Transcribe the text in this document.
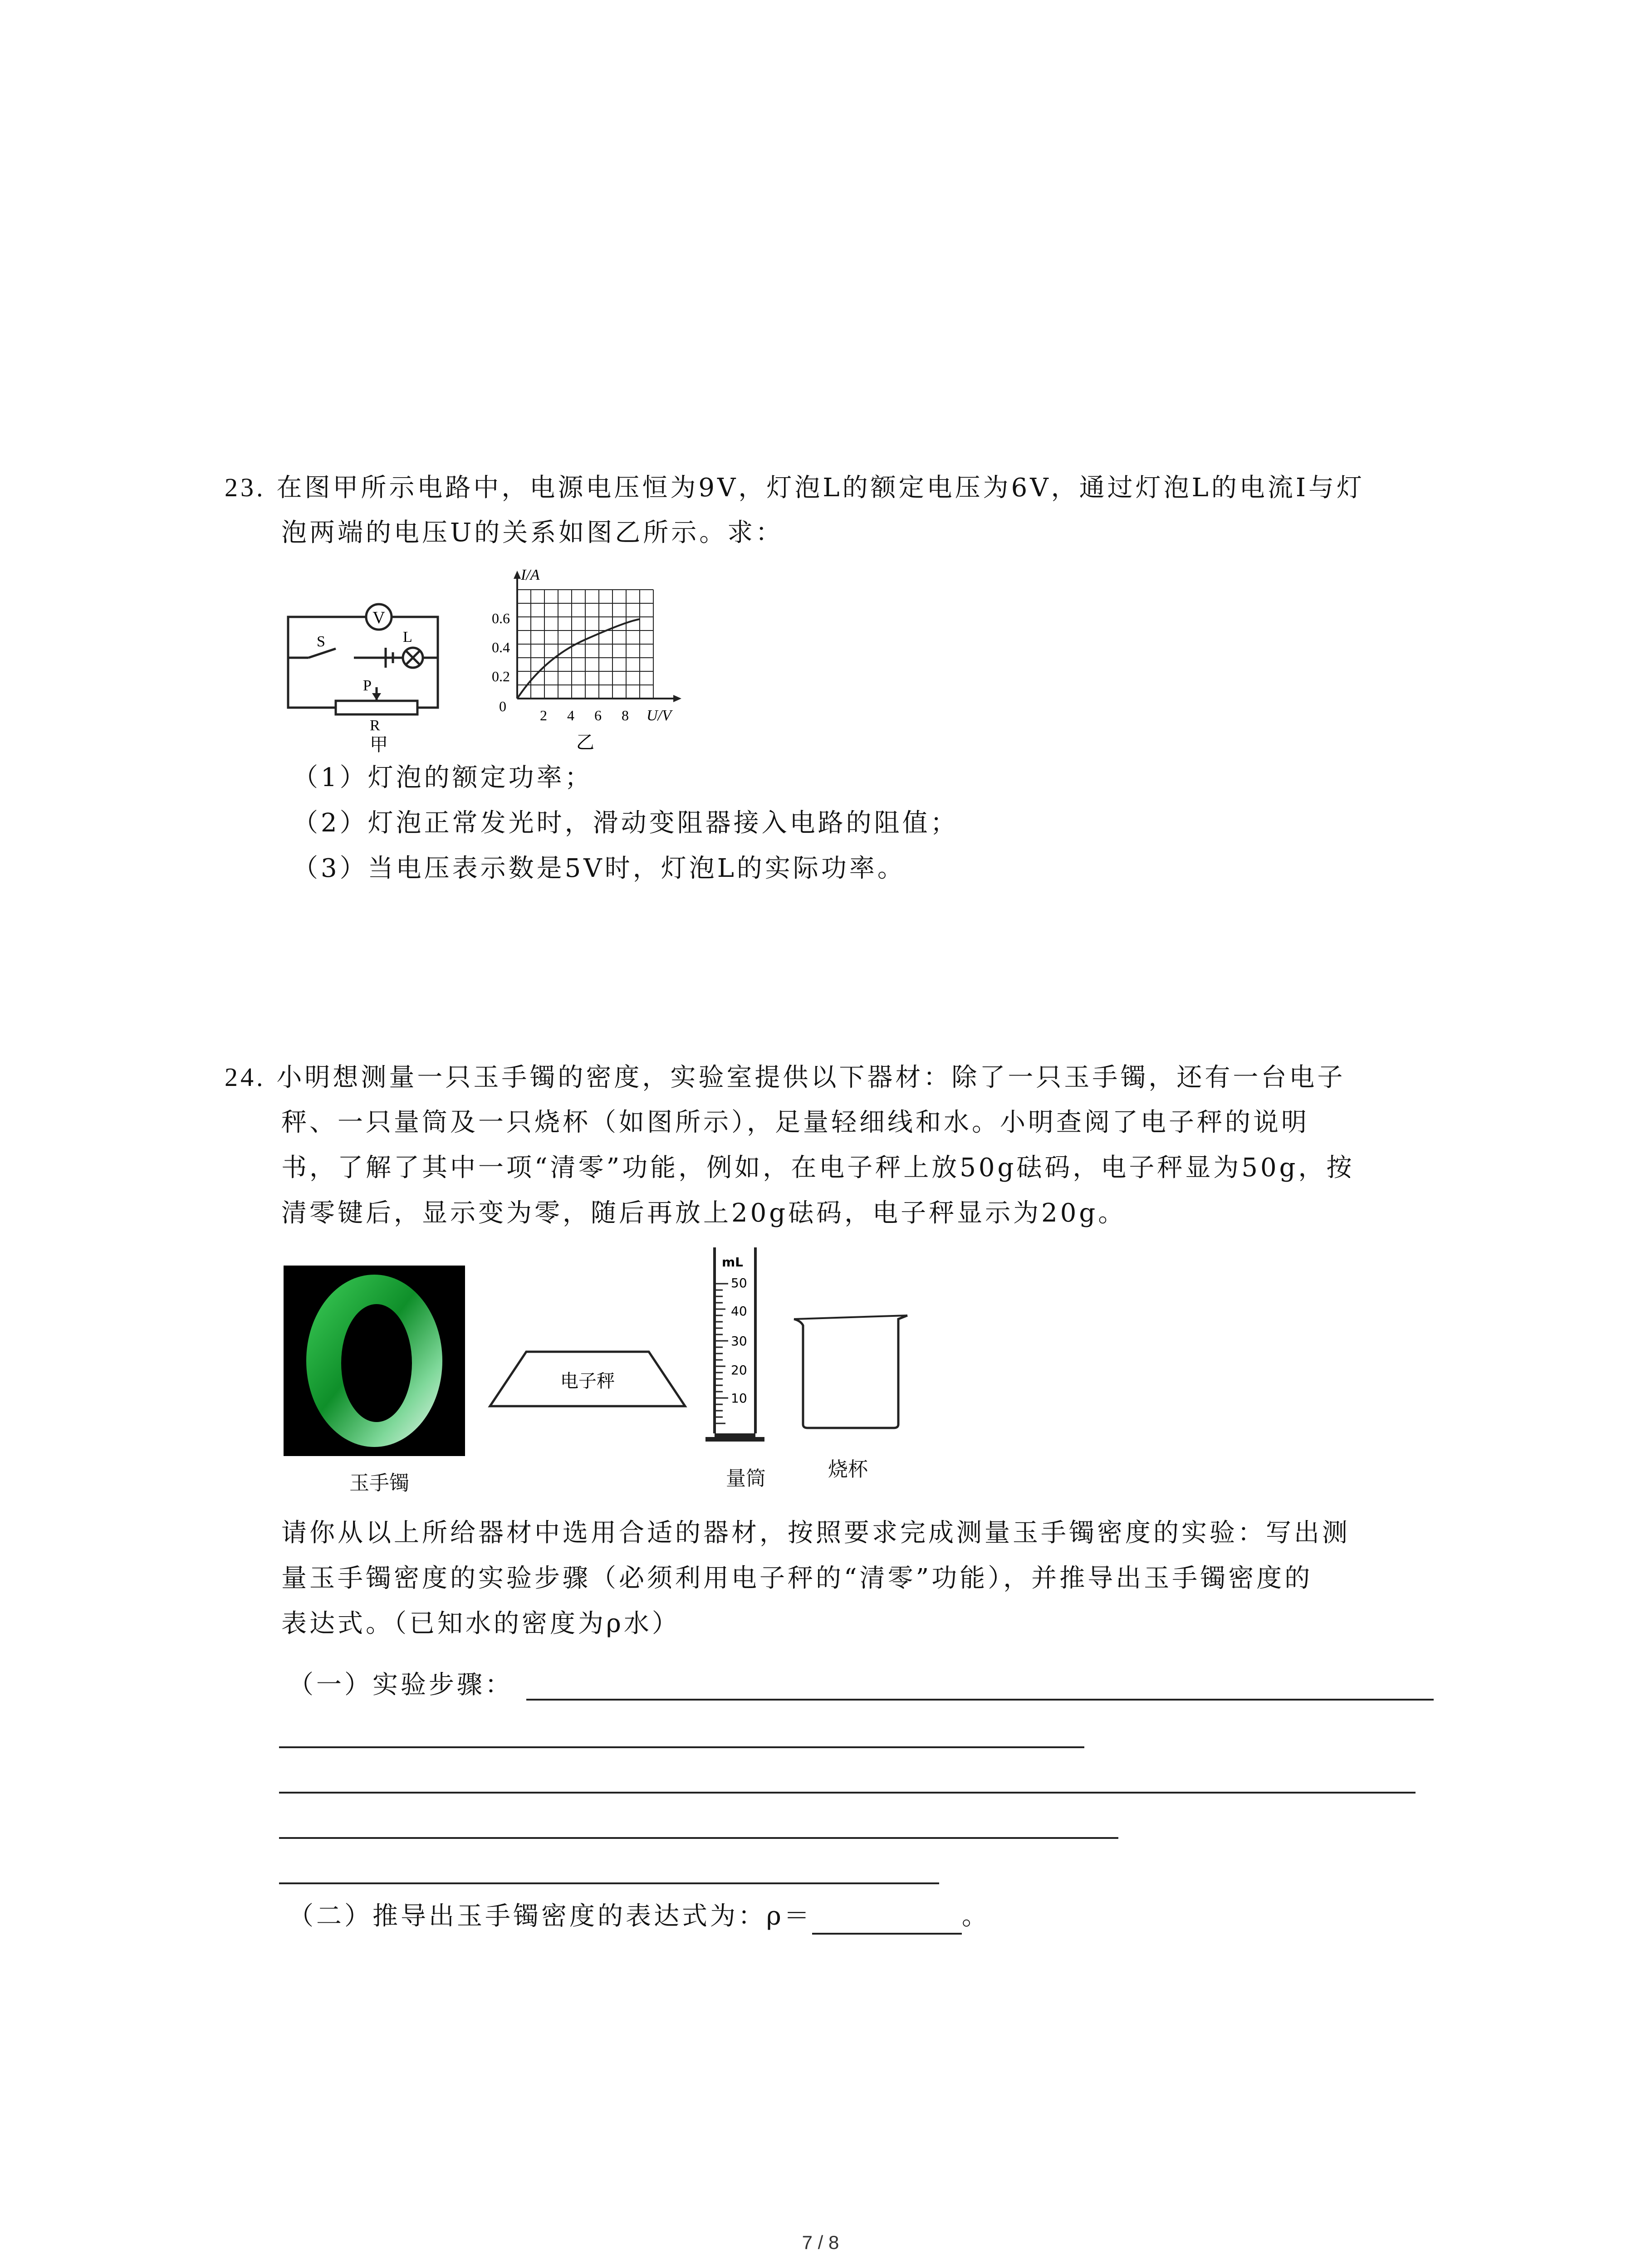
23. 在图甲所示电路中，电源电压恒为9V，灯泡L的额定电压为6V，通过灯泡L的电流I与灯
泡两端的电压U的关系如图乙所示。求：
V
S	L
P
R
甲
I/A
0.6
0.4
0.2
0
2 4 6 8 U/V
乙
（1）灯泡的额定功率；
（2）灯泡正常发光时，滑动变阻器接入电路的阻值；
（3）当电压表示数是5V时，灯泡L的实际功率。
24. 小明想测量一只玉手镯的密度，实验室提供以下器材：除了一只玉手镯，还有一台电子
秤、一只量筒及一只烧杯（如图所示），足量轻细线和水。小明查阅了电子秤的说明
书，了解了其中一项“清零”功能，例如，在电子秤上放50g砝码，电子秤显为50g，按
清零键后，显示变为零，随后再放上20g砝码，电子秤显示为20g。
玉手镯
电子秤
mL
50
40
30
20
10
量筒	烧杯
请你从以上所给器材中选用合适的器材，按照要求完成测量玉手镯密度的实验：写出测
量玉手镯密度的实验步骤（必须利用电子秤的“清零”功能），并推导出玉手镯密度的
表达式。（已知水的密度为ρ水）
（一）实验步骤：
（二）推导出玉手镯密度的表达式为：ρ＝	。
7 / 8
